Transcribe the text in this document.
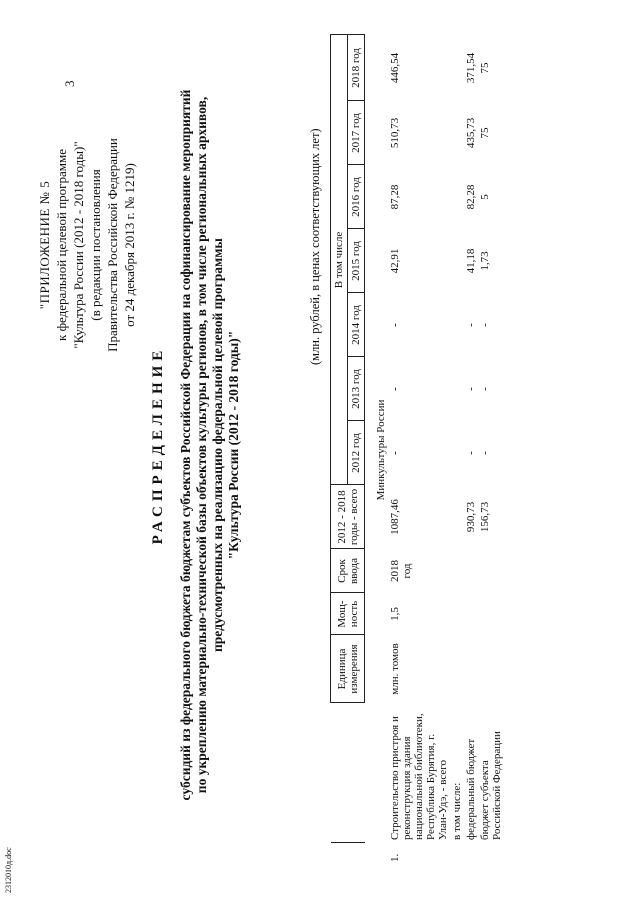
2312010д.doc
3
"ПРИЛОЖЕНИЕ № 5 к федеральной целевой программе "Культура России (2012 - 2018 годы)" (в редакции постановления Правительства Российской Федерации от 24 декабря 2013 г. № 1219)
РАСПРЕДЕЛЕНИЕ субсидий из федерального бюджета бюджетам субъектов Российской Федерации на софинансирование мероприятий по укреплению материально-технической базы объектов культуры регионов, в том числе региональных архивов, предусмотренных на реализацию федеральной целевой программы "Культура России (2012 - 2018 годы)"
(млн. рублей, в ценах соответствующих лет)
		Единица измерения	Мощ-ность	Срок ввода	2012 - 2018 годы - всего	В том числе						
						2012 год	2013 год	2014 год	2015 год	2016 год	2017 год	2018 год
Минкультуры России												
1.	Строительство пристроя и реконструкция здания национальной библиотеки, Республика Бурятия, г. Улан-Удэ, - всего	млн. томов	1,5	2018 год	1087,46	-	-	-	42,91	87,28	510,73	446,54
	в том числе:											
	федеральный бюджет				930,73	-	-	-	41,18	82,28	435,73	371,54
	бюджет субъекта Российской Федерации				156,73	-	-	-	1,73	5	75	75
